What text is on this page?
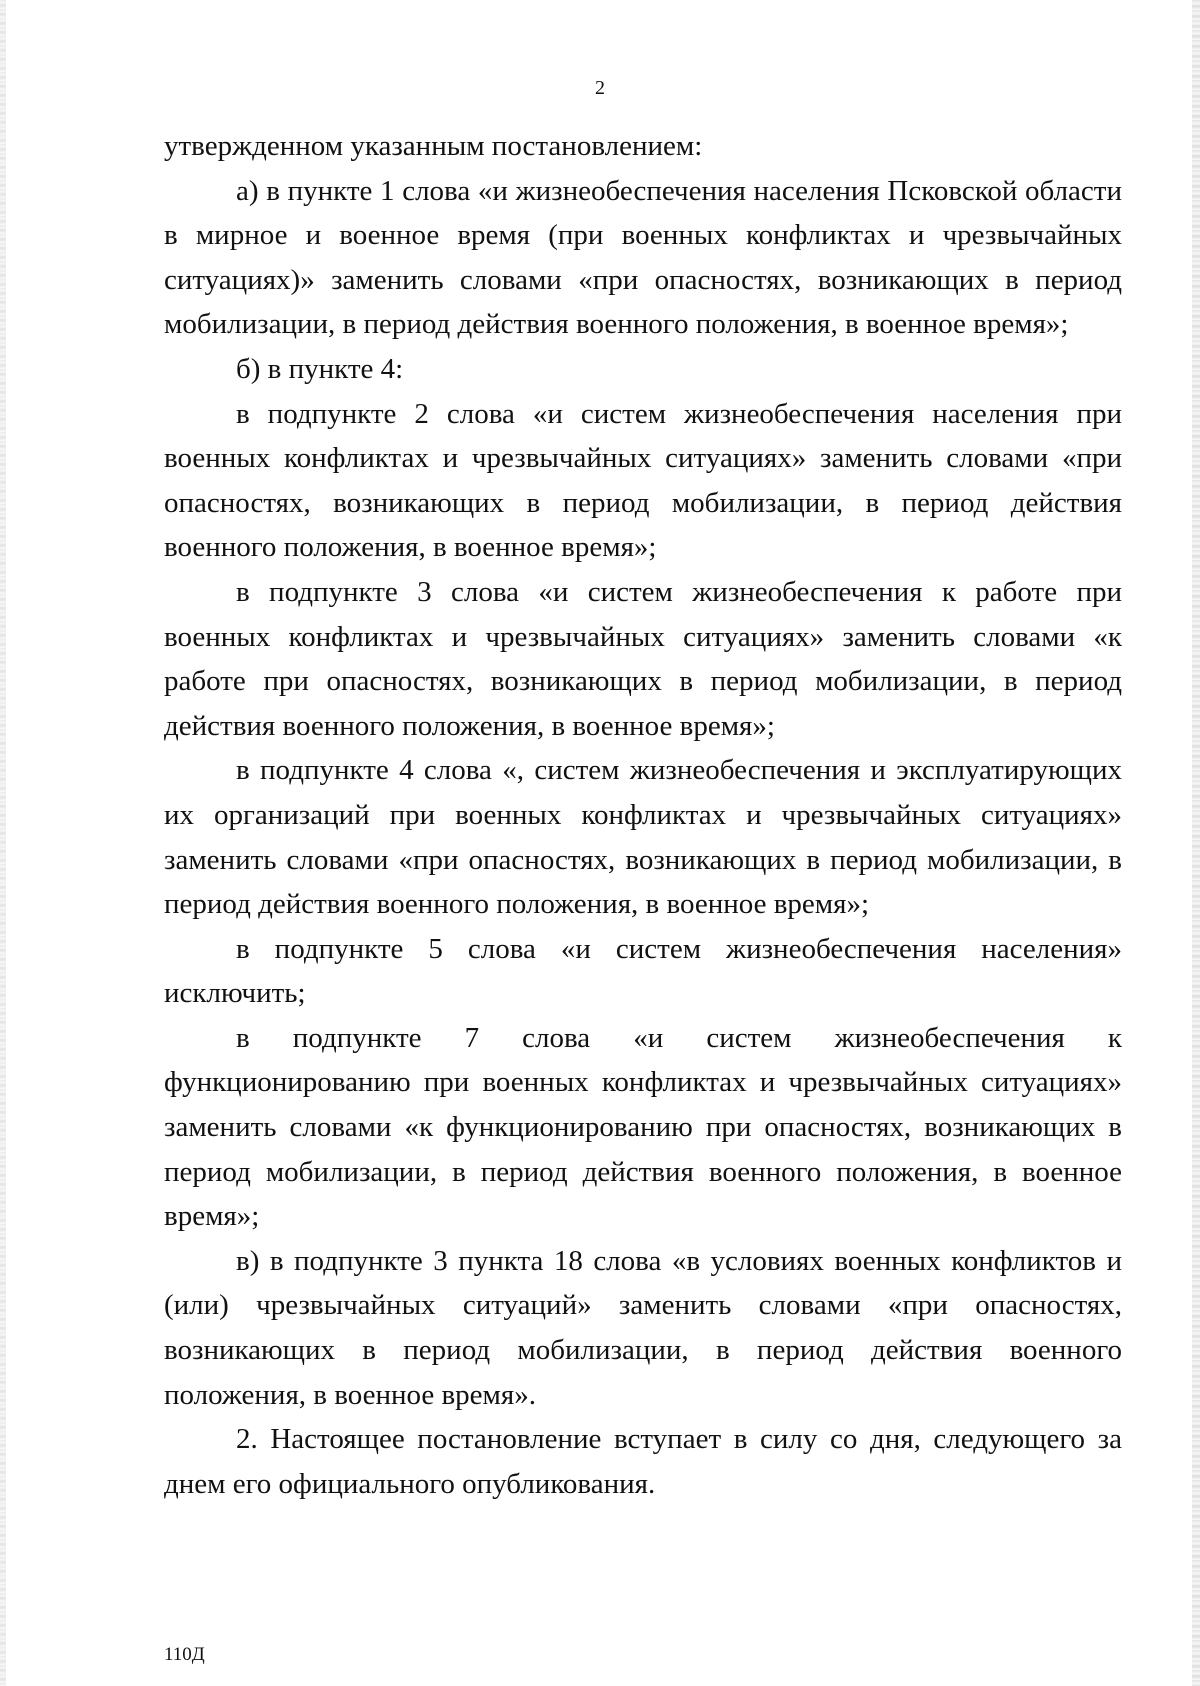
2

утвержденном указанным постановлением:

а) в пункте 1 слова «и жизнеобеспечения населения Псковской области в мирное и военное время (при военных конфликтах и чрезвычайных ситуациях)» заменить словами «при опасностях, возникающих в период мобилизации, в период действия военного положения, в военное время»;

б) в пункте 4:

в подпункте 2 слова «и систем жизнеобеспечения населения при военных конфликтах и чрезвычайных ситуациях» заменить словами «при опасностях, возникающих в период мобилизации, в период действия военного положения, в военное время»;

в подпункте 3 слова «и систем жизнеобеспечения к работе при военных конфликтах и чрезвычайных ситуациях» заменить словами «к работе при опасностях, возникающих в период мобилизации, в период действия военного положения, в военное время»;

в подпункте 4 слова «, систем жизнеобеспечения и эксплуатирующих их организаций при военных конфликтах и чрезвычайных ситуациях» заменить словами «при опасностях, возникающих в период мобилизации, в период действия военного положения, в военное время»;

в подпункте 5 слова «и систем жизнеобеспечения населения» исключить;

в подпункте 7 слова «и систем жизнеобеспечения к функционированию при военных конфликтах и чрезвычайных ситуациях» заменить словами «к функционированию при опасностях, возникающих в период мобилизации, в период действия военного положения, в военное время»;

в) в подпункте 3 пункта 18 слова «в условиях военных конфликтов и (или) чрезвычайных ситуаций» заменить словами «при опасностях, возникающих в период мобилизации, в период действия военного положения, в военное время».

2. Настоящее постановление вступает в силу со дня, следующего за днем его официального опубликования.

110Д
